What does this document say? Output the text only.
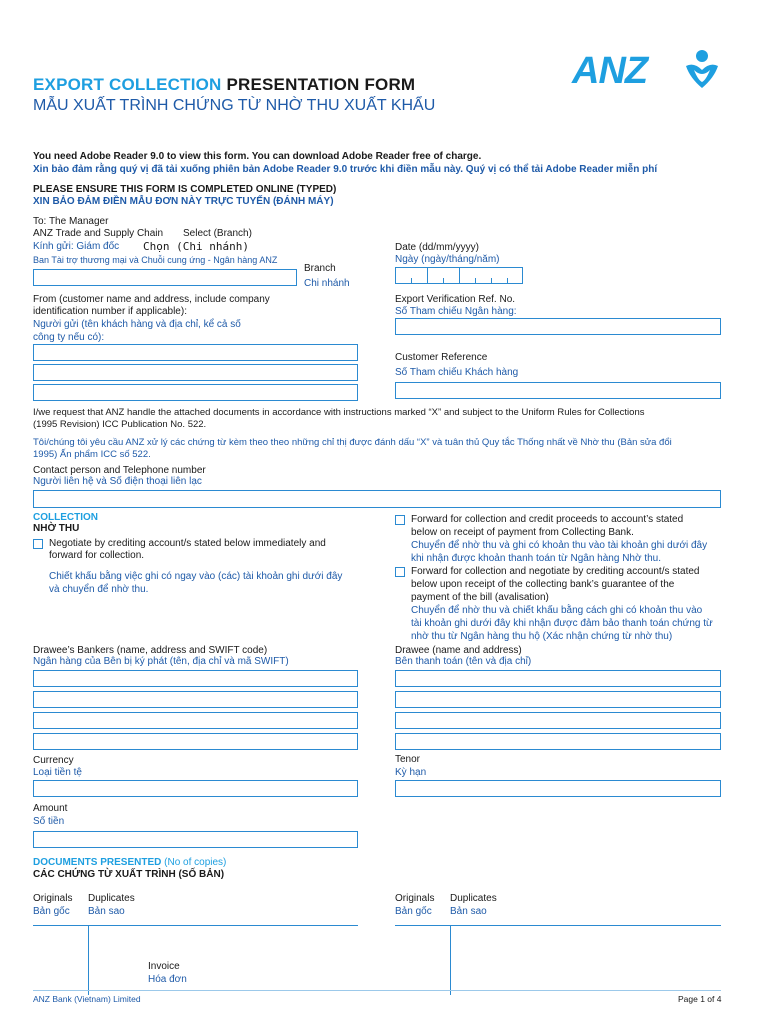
EXPORT COLLECTION PRESENTATION FORM
MẪU XUẤT TRÌNH CHỨNG TỪ NHỜ THU XUẤT KHẨU
ANZ
You need Adobe Reader 9.0 to view this form. You can download Adobe Reader free of charge.
Xin bảo đảm rằng quý vị đã tải xuống phiên bản Adobe Reader 9.0 trước khi điền mẫu này. Quý vị có thể tải Adobe Reader miễn phí
PLEASE ENSURE THIS FORM IS COMPLETED ONLINE (TYPED)
XIN BẢO ĐẢM ĐIỀN MẪU ĐƠN NÀY TRỰC TUYẾN (ĐÁNH MÁY)
To: The Manager
ANZ Trade and Supply Chain Select (Branch)
Kính gửi: Giám đốc Chọn (Chi nhánh)
Ban Tài trợ thương mại và Chuỗi cung ứng - Ngân hàng ANZ
Branch
Chi nhánh
Date (dd/mm/yyyy)
Ngày (ngày/tháng/năm)
From (customer name and address, include company
identification number if applicable):
Người gửi (tên khách hàng và địa chỉ, kể cả số
công ty nếu có):
Export Verification Ref. No.
Số Tham chiếu Ngân hàng:
Customer Reference
Số Tham chiếu Khách hàng
I/we request that ANZ handle the attached documents in accordance with instructions marked “X” and subject to the Uniform Rules for Collections
(1995 Revision) ICC Publication No. 522.
Tôi/chúng tôi yêu cầu ANZ xử lý các chứng từ kèm theo theo những chỉ thị được đánh dấu “X” và tuân thủ Quy tắc Thống nhất về Nhờ thu (Bản sửa đổi
1995) Ấn phẩm ICC số 522.
Contact person and Telephone number
Người liên hệ và Số điện thoại liên lạc
COLLECTION
NHỜ THU
Negotiate by crediting account/s stated below immediately and
forward for collection.
Chiết khấu bằng việc ghi có ngay vào (các) tài khoản ghi dưới đây
và chuyển để nhờ thu.
Forward for collection and credit proceeds to account’s stated
below on receipt of payment from Collecting Bank.
Chuyển để nhờ thu và ghi có khoản thu vào tài khoản ghi dưới đây
khi nhận được khoản thanh toán từ Ngân hàng Nhờ thu.
Forward for collection and negotiate by crediting account/s stated
below upon receipt of the collecting bank’s guarantee of the
payment of the bill (avalisation)
Chuyển để nhờ thu và chiết khấu bằng cách ghi có khoản thu vào
tài khoản ghi dưới đây khi nhận được đảm bảo thanh toán chứng từ
nhờ thu từ Ngân hàng thu hộ (Xác nhận chứng từ nhờ thu)
Drawee’s Bankers (name, address and SWIFT code)
Ngân hàng của Bên bị ký phát (tên, địa chỉ và mã SWIFT)
Drawee (name and address)
Bên thanh toán (tên và địa chỉ)
Currency
Loại tiền tệ
Tenor
Kỳ hạn
Amount
Số tiền
DOCUMENTS PRESENTED (No of copies)
CÁC CHỨNG TỪ XUẤT TRÌNH (SỐ BẢN)
Originals
Bản gốc
Duplicates
Bản sao
Originals
Bản gốc
Duplicates
Bản sao
Invoice
Hóa đơn
ANZ Bank (Vietnam) Limited	Page 1 of 4
